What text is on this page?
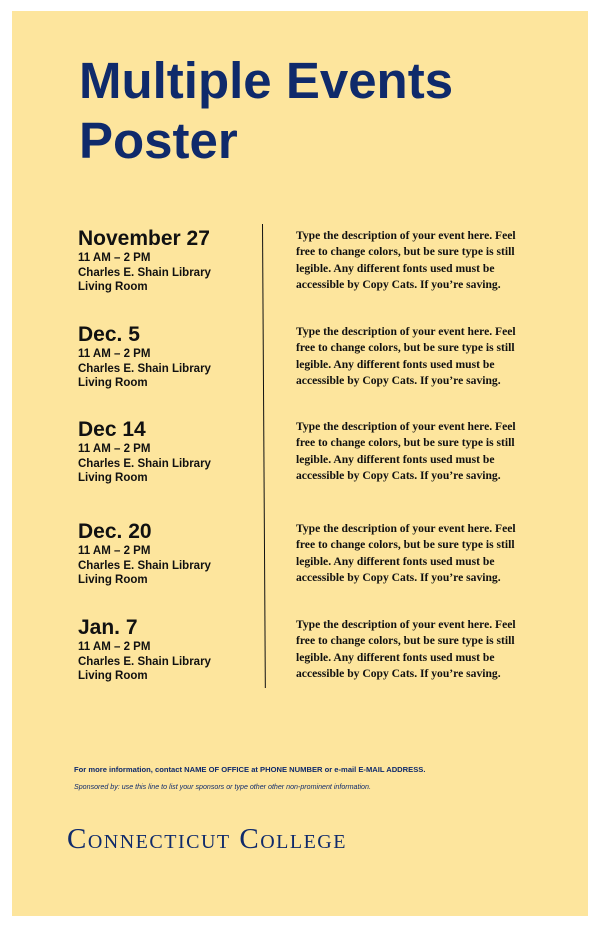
Multiple Events
Poster
November 27
11 AM – 2 PM
Charles E. Shain Library
Living Room
Type the description of your event here. Feel free to change colors, but be sure type is still legible. Any different fonts used must be accessible by Copy Cats. If you’re saving.
Dec. 5
11 AM – 2 PM
Charles E. Shain Library
Living Room
Type the description of your event here. Feel free to change colors, but be sure type is still legible. Any different fonts used must be accessible by Copy Cats. If you’re saving.
Dec 14
11 AM – 2 PM
Charles E. Shain Library
Living Room
Type the description of your event here. Feel free to change colors, but be sure type is still legible. Any different fonts used must be accessible by Copy Cats. If you’re saving.
Dec. 20
11 AM – 2 PM
Charles E. Shain Library
Living Room
Type the description of your event here. Feel free to change colors, but be sure type is still legible. Any different fonts used must be accessible by Copy Cats. If you’re saving.
Jan. 7
11 AM – 2 PM
Charles E. Shain Library
Living Room
Type the description of your event here. Feel free to change colors, but be sure type is still legible. Any different fonts used must be accessible by Copy Cats. If you’re saving.
For more information, contact NAME OF OFFICE at PHONE NUMBER or e-mail E-MAIL ADDRESS.
Sponsored by: use this line to list your sponsors or type other other non-prominent information.
Connecticut College
